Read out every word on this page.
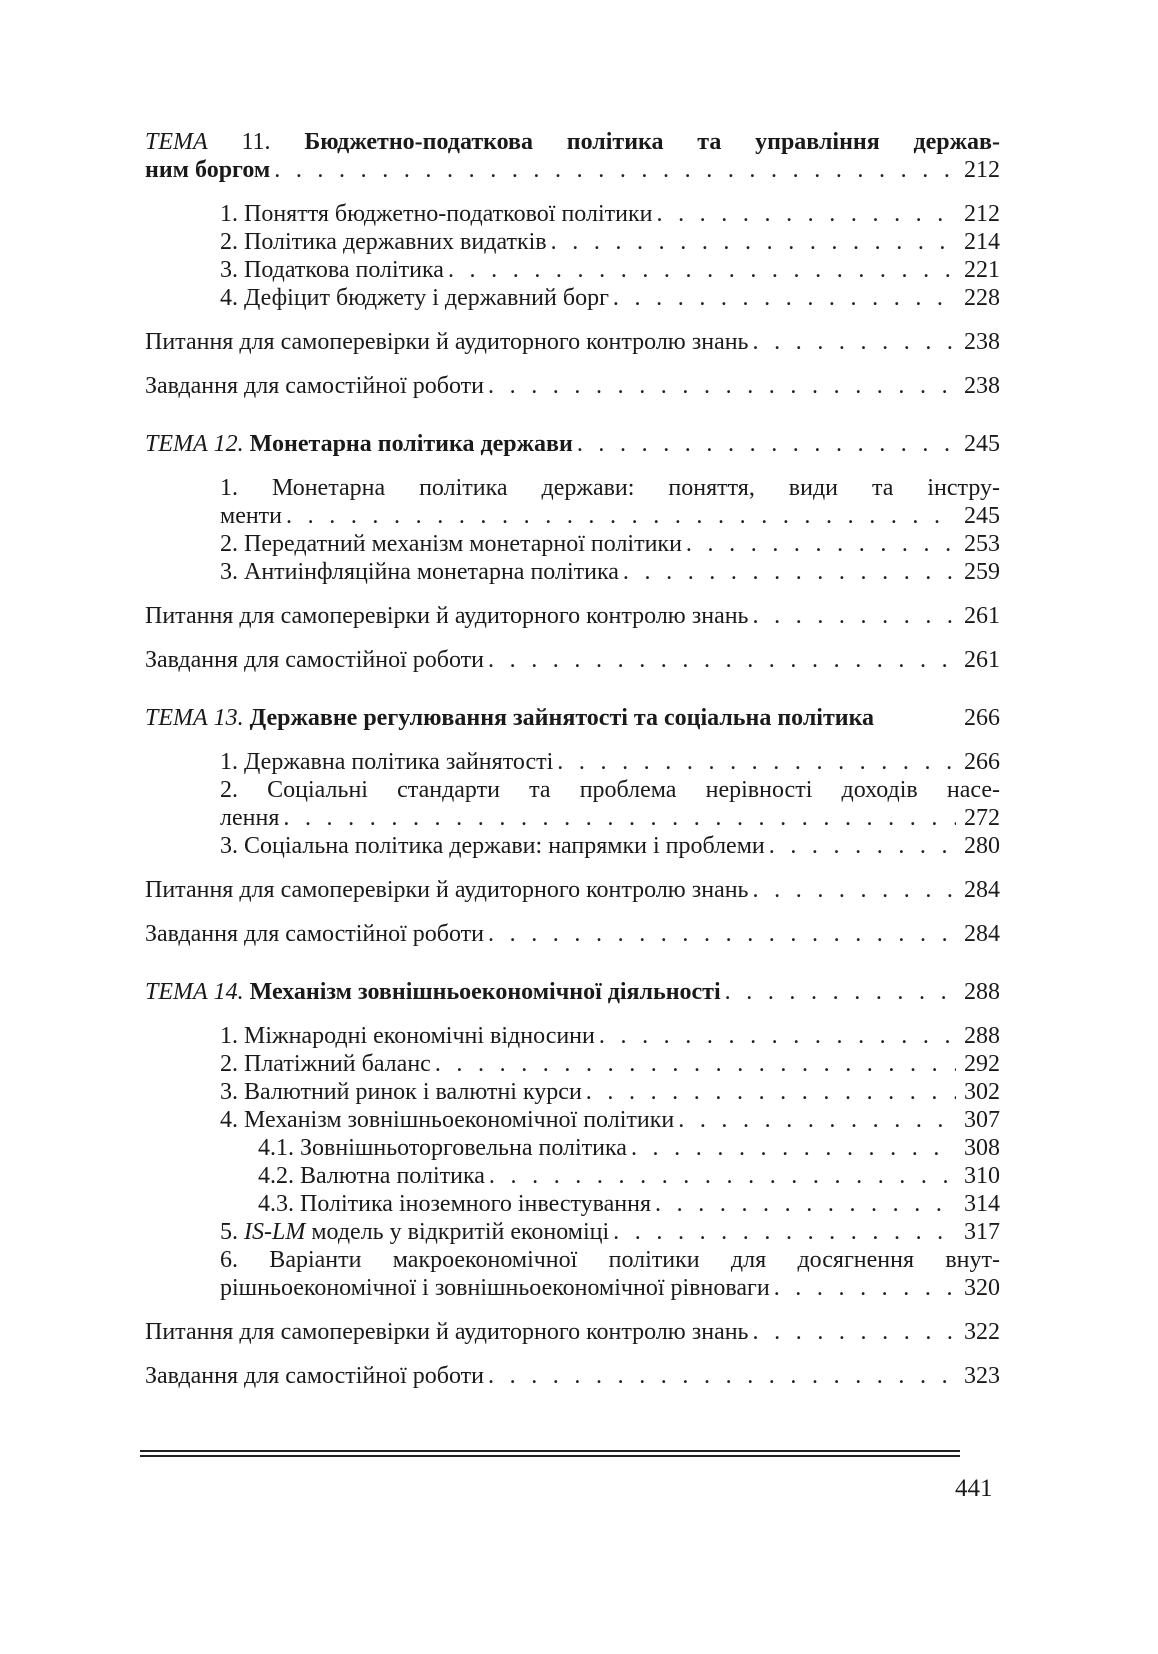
ТЕМА 11. Бюджетно-податкова політика та управління держав-
ним боргом . . .	212
1. Поняття бюджетно-податкової політики . . .	212
2. Політика державних видатків . . .	214
3. Податкова політика . . .	221
4. Дефіцит бюджету і державний борг . . .	228
Питання для самоперевірки й аудиторного контролю знань . . .	238
Завдання для самостійної роботи . . .	238
ТЕМА 12. Монетарна політика держави . . .	245
1. Монетарна політика держави: поняття, види та інстру-
менти . . .	245
2. Передатний механізм монетарної політики . . .	253
3. Антиінфляційна монетарна політика . . .	259
Питання для самоперевірки й аудиторного контролю знань . . .	261
Завдання для самостійної роботи . . .	261
ТЕМА 13. Державне регулювання зайнятості та соціальна політика	266
1. Державна політика зайнятості . . .	266
2. Соціальні стандарти та проблема нерівності доходів насе-
лення . . .	272
3. Соціальна політика держави: напрямки і проблеми . . .	280
Питання для самоперевірки й аудиторного контролю знань . . .	284
Завдання для самостійної роботи . . .	284
ТЕМА 14. Механізм зовнішньоекономічної діяльності . . .	288
1. Міжнародні економічні відносини . . .	288
2. Платіжний баланс . . .	292
3. Валютний ринок і валютні курси . . .	302
4. Механізм зовнішньоекономічної політики . . .	307
4.1. Зовнішньоторговельна політика . . .	308
4.2. Валютна політика . . .	310
4.3. Політика іноземного інвестування . . .	314
5. IS-LM модель у відкритій економіці . . .	317
6. Варіанти макроекономічної політики для досягнення внут-
рішньоекономічної і зовнішньоекономічної рівноваги . . .	320
Питання для самоперевірки й аудиторного контролю знань . . .	322
Завдання для самостійної роботи . . .	323
441
